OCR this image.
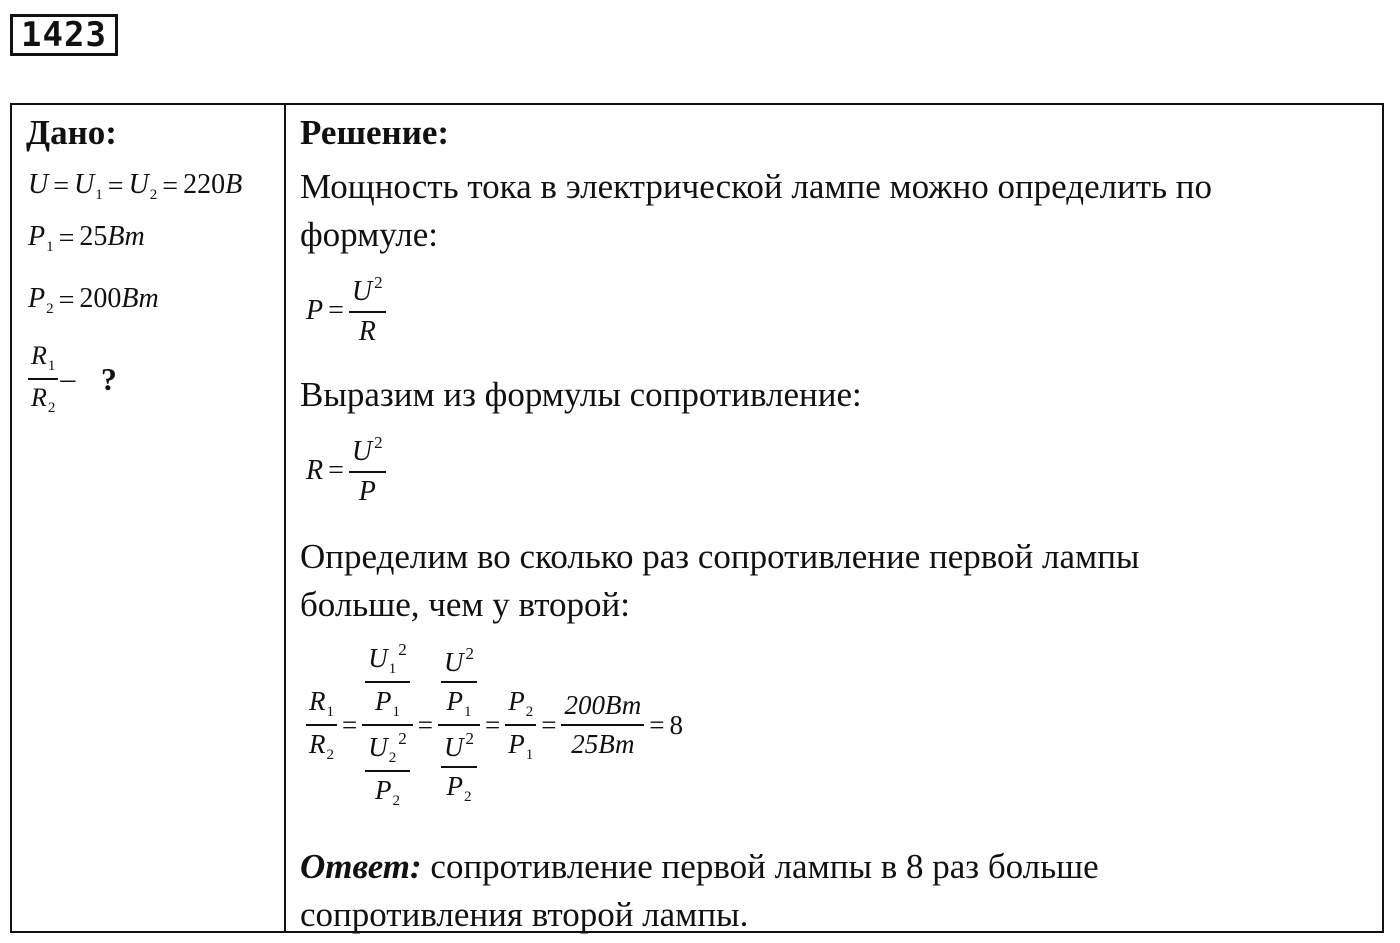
1423
Дано:
$U = U_1 = U_2 = 220B$
$P_1 = 25Bm$
$P_2 = 200Bm$
$\frac{R_1}{R_2}$ – ?
Решение:
Мощность тока в электрической лампе можно определить по
формуле:
$P = \frac{U ^2}{R}$
Выразим из формулы сопротивление:
$R = \frac{U ^2}{P}$
Определим во сколько раз сопротивление первой лампы
больше, чем у второй:
$\frac{R_1}{R_2} = \frac{\frac{U_1^2}{P_1}}{\frac{U_2^2}{P_2}} = \frac{\frac{U ^2}{P_1}}{\frac{U ^2}{P_2}} = \frac{P_2}{P_1} = \frac{200Вт}{25Вт} = 8$
Ответ: сопротивление первой лампы в 8 раз больше
сопротивления второй лампы.
